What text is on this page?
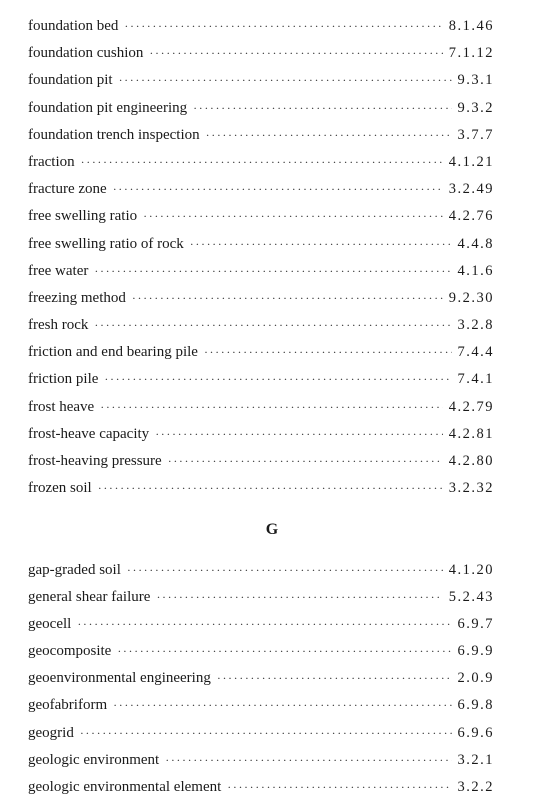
foundation bed ·····	8.1.46
foundation cushion ·····	7.1.12
foundation pit ·····	9.3.1
foundation pit engineering ·····	9.3.2
foundation trench inspection ·····	3.7.7
fraction ·····	4.1.21
fracture zone ·····	3.2.49
free swelling ratio ·····	4.2.76
free swelling ratio of rock ·····	4.4.8
free water ·····	4.1.6
freezing method ·····	9.2.30
fresh rock ·····	3.2.8
friction and end bearing pile ·····	7.4.4
friction pile ·····	7.4.1
frost heave ·····	4.2.79
frost-heave capacity ·····	4.2.81
frost-heaving pressure ·····	4.2.80
frozen soil ·····	3.2.32
G
gap-graded soil ·····	4.1.20
general shear failure ·····	5.2.43
geocell ·····	6.9.7
geocomposite ·····	6.9.9
geoenvironmental engineering ·····	2.0.9
geofabriform ·····	6.9.8
geogrid ·····	6.9.6
geologic environment ·····	3.2.1
geologic environmental element ·····	3.2.2
